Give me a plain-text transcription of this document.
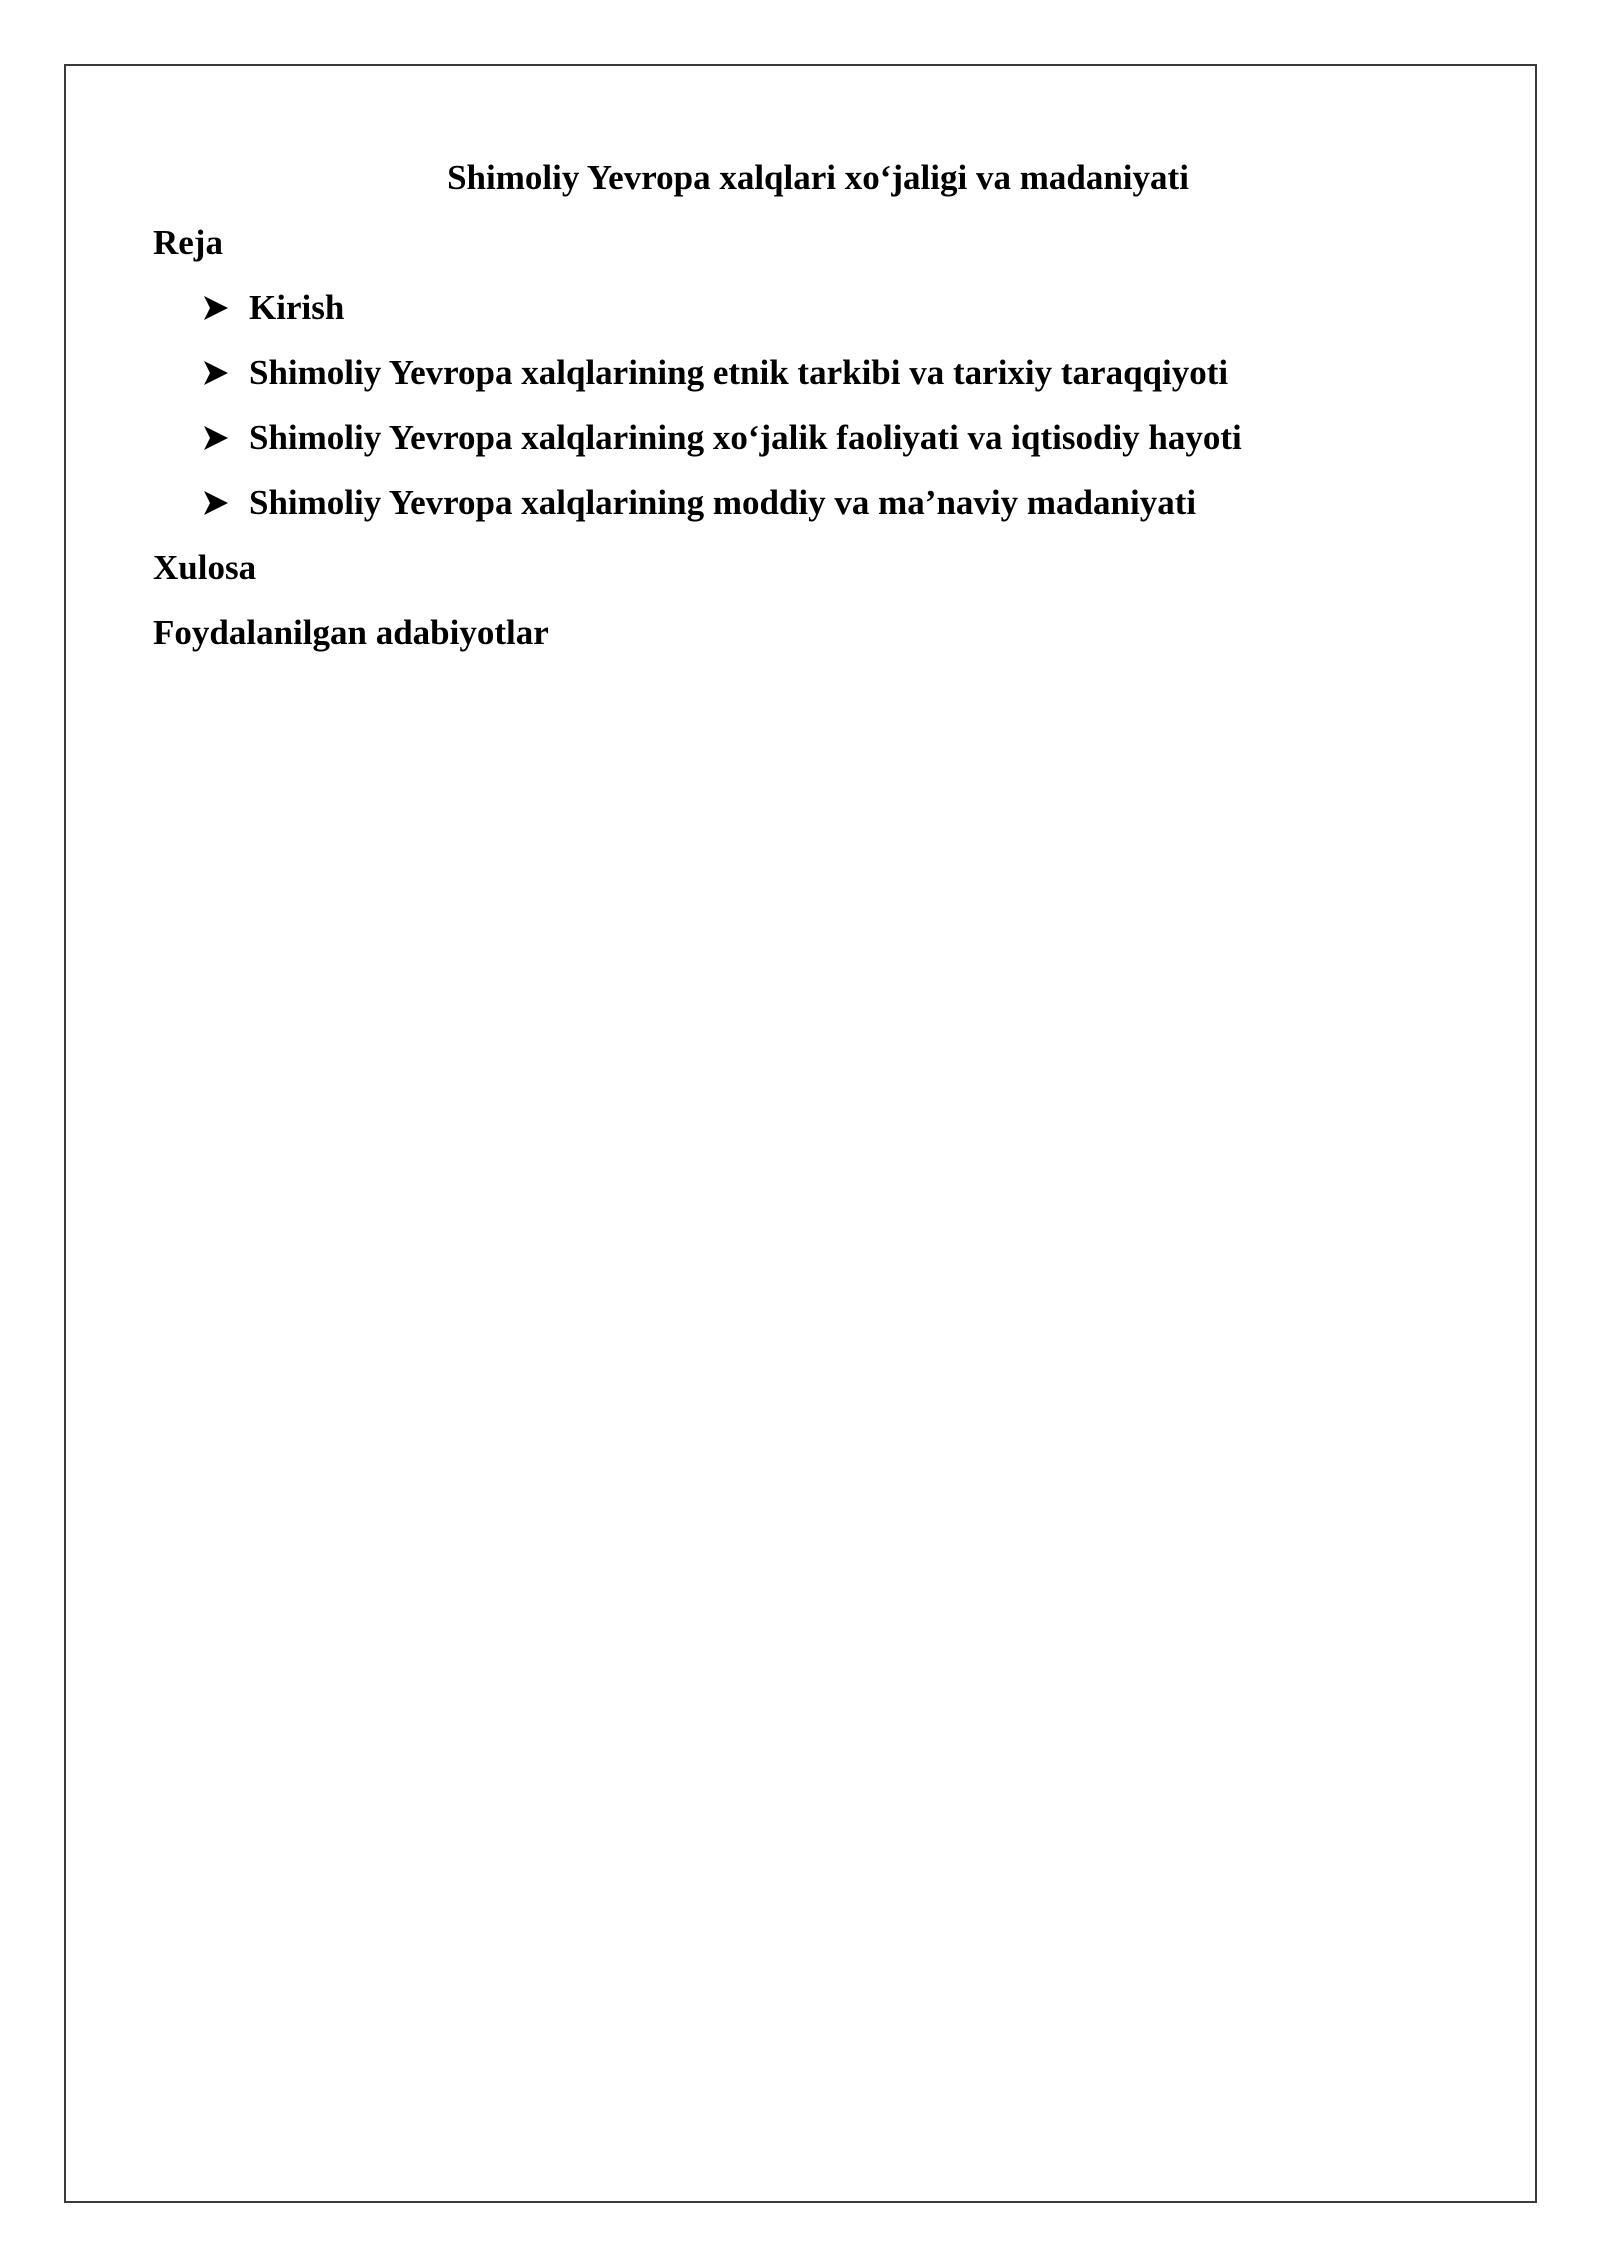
Shimoliy Yevropa xalqlari xo‘jaligi va madaniyati
Reja
Kirish
Shimoliy Yevropa xalqlarining etnik tarkibi va tarixiy taraqqiyoti
Shimoliy Yevropa xalqlarining xo‘jalik faoliyati va iqtisodiy hayoti
Shimoliy Yevropa xalqlarining moddiy va ma’naviy madaniyati
Xulosa
Foydalanilgan adabiyotlar
